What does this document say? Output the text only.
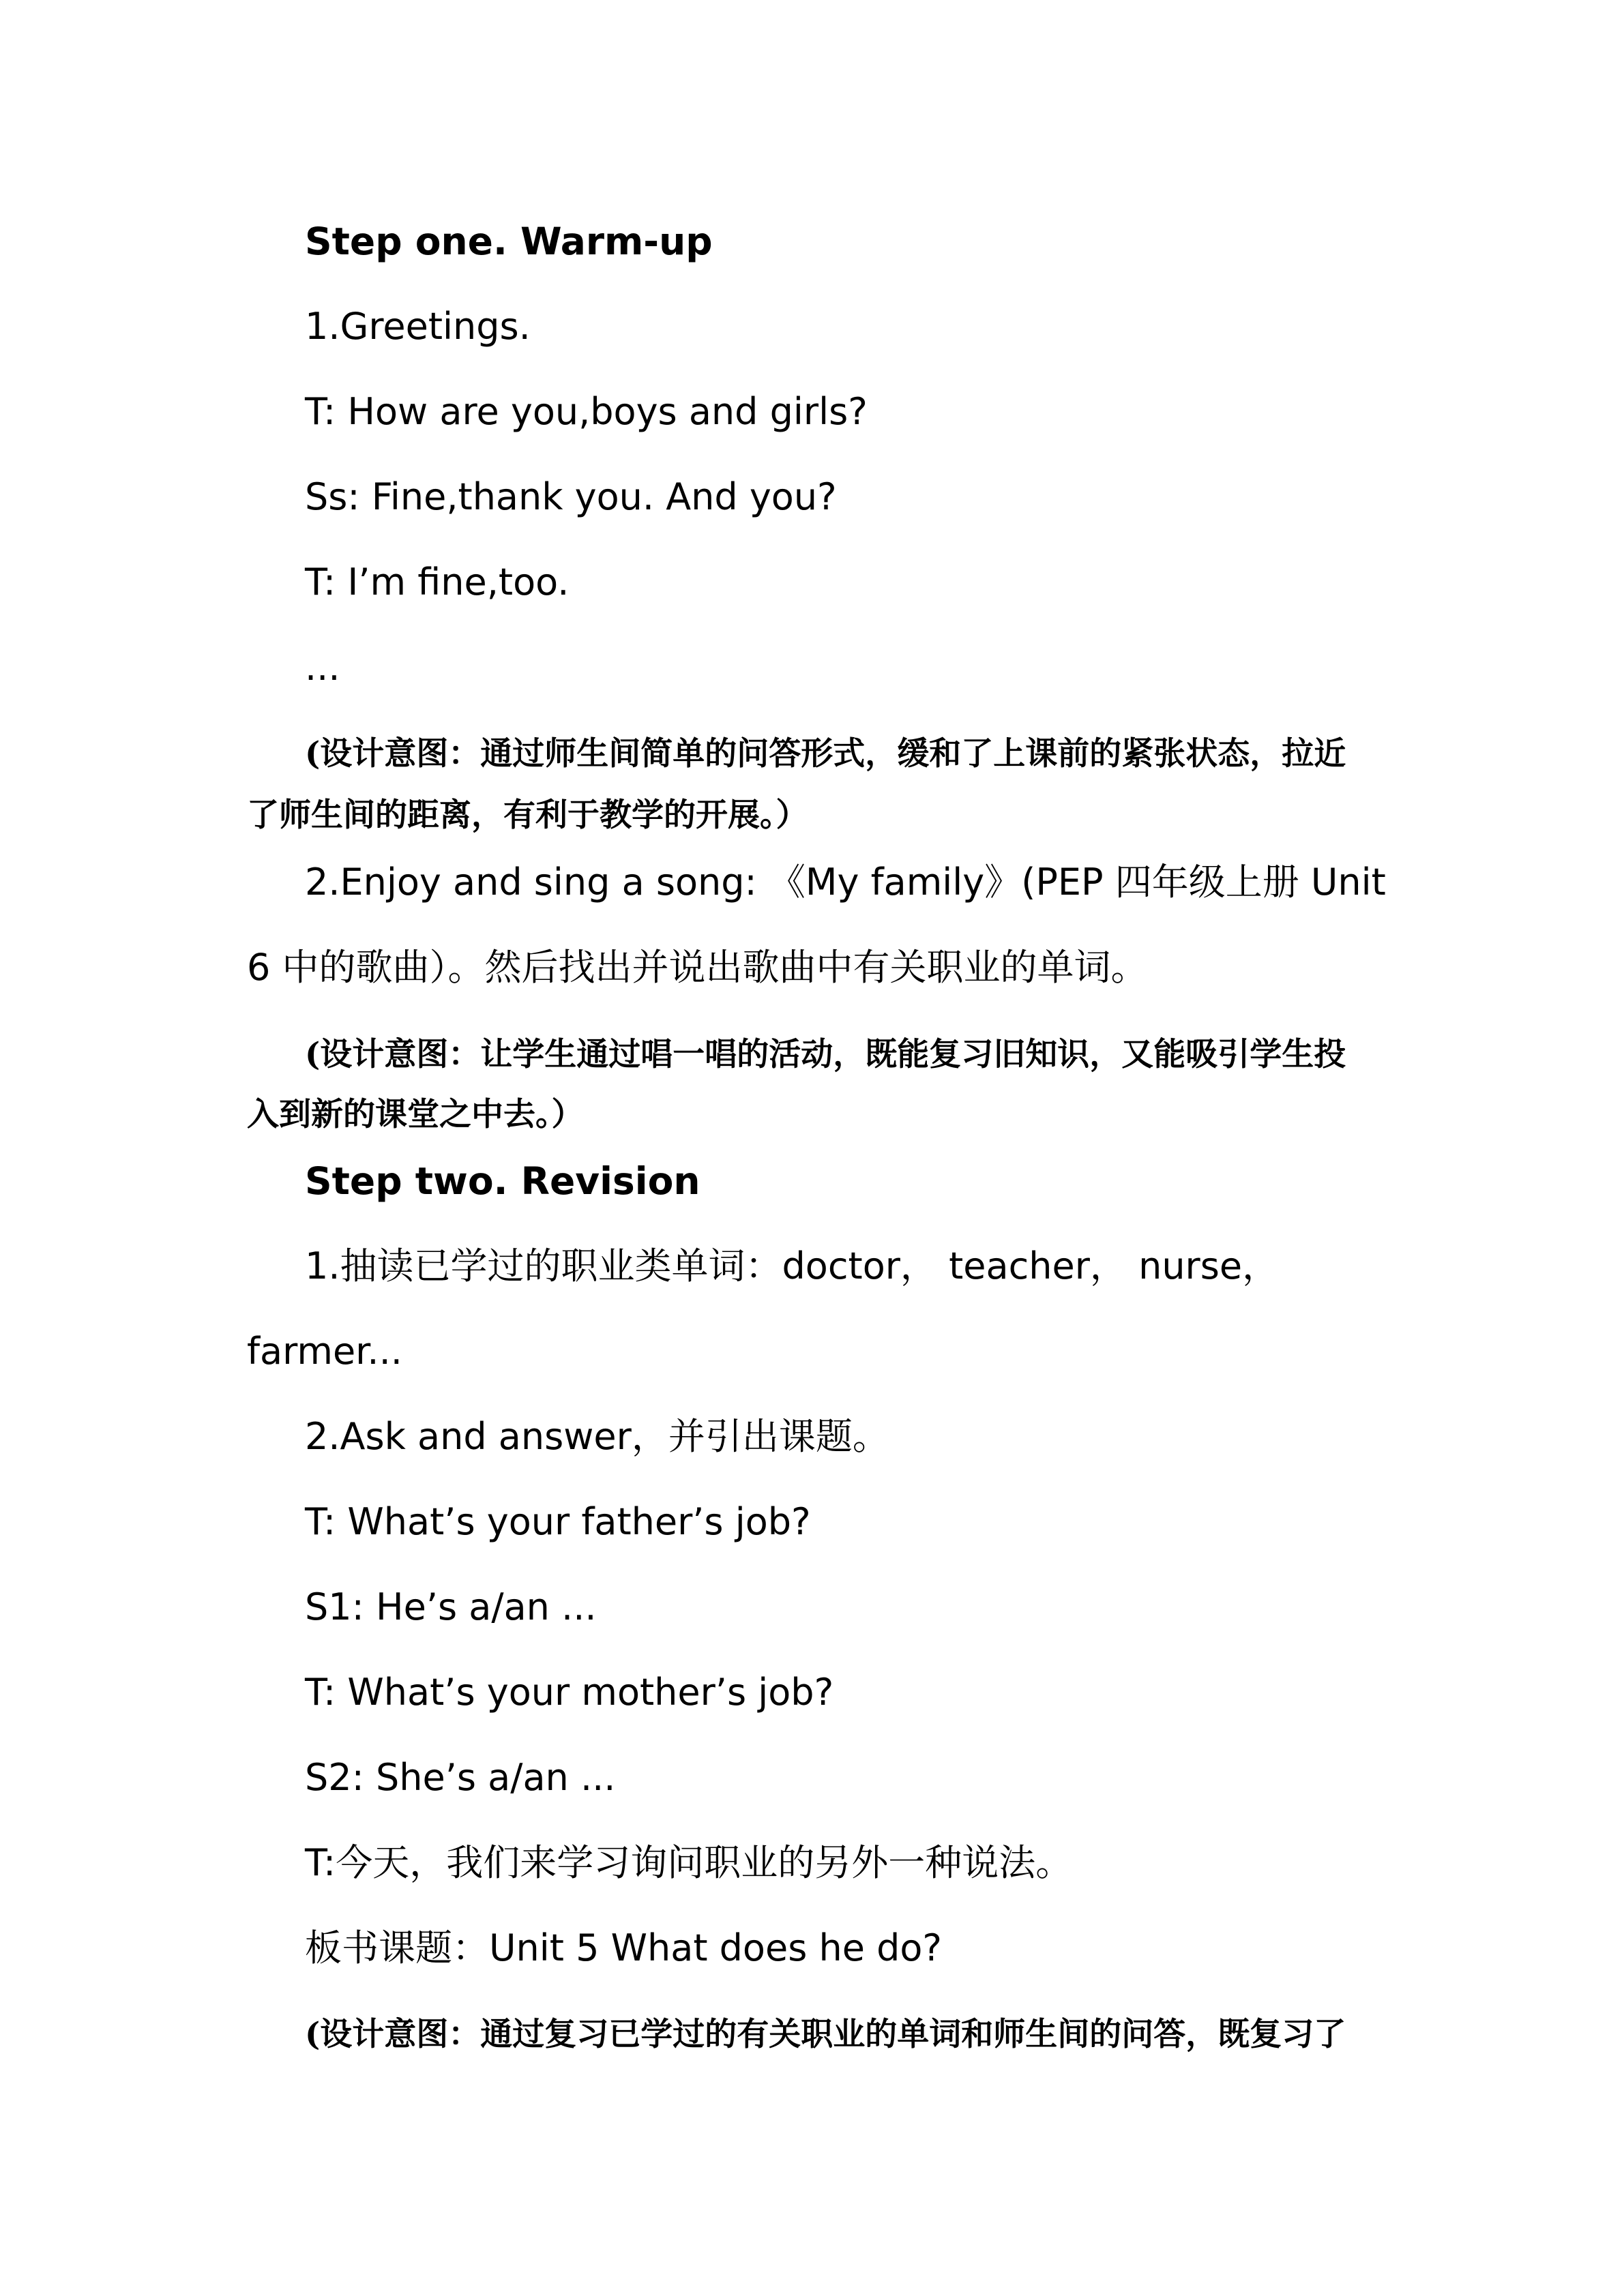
Step one. Warm-up
1.Greetings.
T: How are you,boys and girls?
Ss: Fine,thank you. And you?
T: I’m fine,too.
...
(设计意图：通过师生间简单的问答形式，缓和了上课前的紧张状态，拉近
了师生间的距离，有利于教学的开展。）
2.Enjoy and sing a song: 《My family》(PEP 四年级上册 Unit
6 中的歌曲）。然后找出并说出歌曲中有关职业的单词。
(设计意图：让学生通过唱一唱的活动，既能复习旧知识，又能吸引学生投
入到新的课堂之中去。）
Step two. Revision
1.抽读已学过的职业类单词：doctor， teacher， nurse，
farmer...
2.Ask and answer，并引出课题。
T: What’s your father’s job?
S1: He’s a/an ...
T: What’s your mother’s job?
S2: She’s a/an ...
T:今天，我们来学习询问职业的另外一种说法。
板书课题：Unit 5 What does he do?
(设计意图：通过复习已学过的有关职业的单词和师生间的问答，既复习了
